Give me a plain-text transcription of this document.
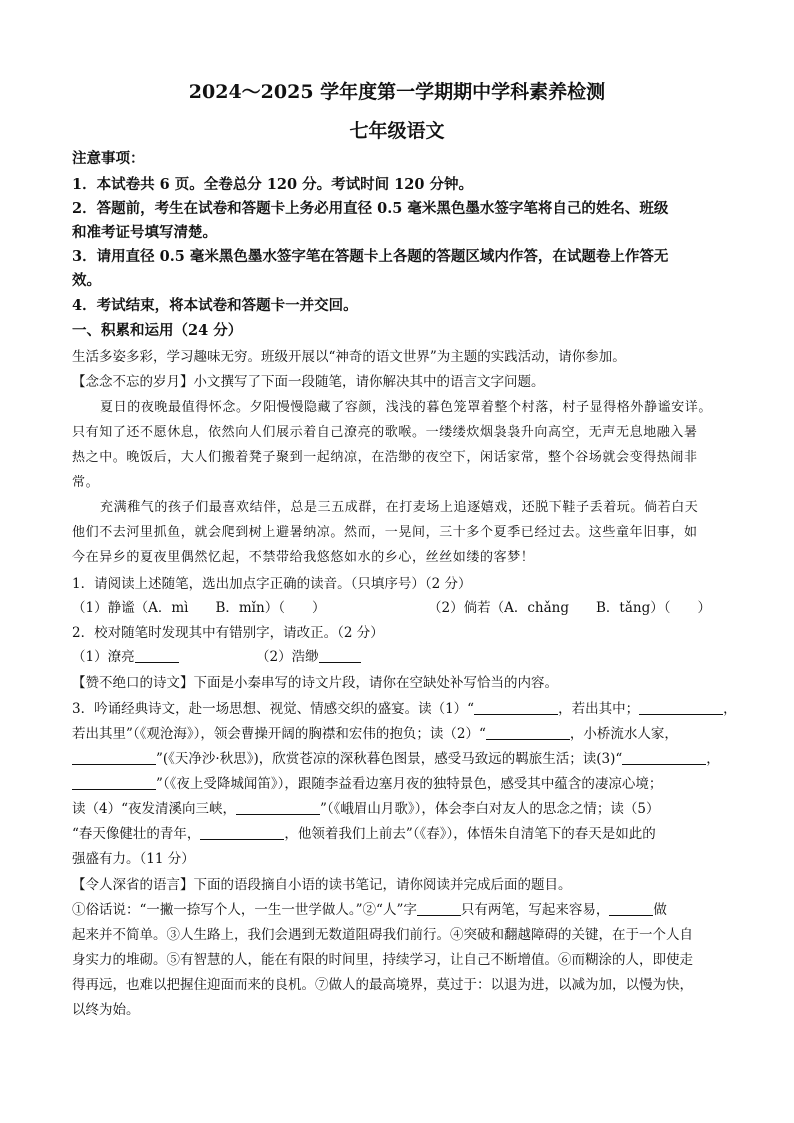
2024～2025 学年度第一学期期中学科素养检测
七年级语文

注意事项：

1．本试卷共 6 页。全卷总分 120 分。考试时间 120 分钟。

2．答题前，考生在试卷和答题卡上务必用直径 0.5 毫米黑色墨水签字笔将自己的姓名、班级

和准考证号填写清楚。

3．请用直径 0.5 毫米黑色墨水签字笔在答题卡上各题的答题区域内作答，在试题卷上作答无

效。

4．考试结束，将本试卷和答题卡一并交回。

一、积累和运用（24 分）

生活多姿多彩，学习趣味无穷。班级开展以“神奇的语文世界”为主题的实践活动，请你参加。

【念念不忘的岁月】小文撰写了下面一段随笔，请你解决其中的语言文字问题。

夏日的夜晚最值得怀念。夕阳慢慢隐藏了容颜，浅浅的暮色笼罩着整个村落，村子显得格外静谧安详。

只有知了还不愿休息，依然向人们展示着自己潦亮的歌喉。一缕缕炊烟袅袅升向高空，无声无息地融入暑

热之中。晚饭后，大人们搬着凳子聚到一起纳凉，在浩缈的夜空下，闲话家常，整个谷场就会变得热闹非

常。

充满稚气的孩子们最喜欢结伴，总是三五成群，在打麦场上追逐嬉戏，还脱下鞋子丢着玩。倘若白天

他们不去河里抓鱼，就会爬到树上避暑纳凉。然而，一晃间，三十多个夏季已经过去。这些童年旧事，如

今在异乡的夏夜里偶然忆起，不禁带给我悠悠如水的乡心，丝丝如缕的客梦！

1．请阅读上述随笔，选出加点字正确的读音。（只填序号）（2 分）

（1）静谧（A．mì　　B．mǐn）（　　）	（2）倘若（A．chǎng　　B．tǎng）（　　）

2．校对随笔时发现其中有错别字，请改正。（2 分）

（1）潦亮	（2）浩缈

【赞不绝口的诗文】下面是小秦串写的诗文片段，请你在空缺处补写恰当的内容。

3．吟诵经典诗文，赴一场思想、视觉、情感交织的盛宴。读（1）“	，若出其中；	，

若出其里”（《观沧海》），领会曹操开阔的胸襟和宏伟的抱负；读（2）“	，小桥流水人家，

”(《天净沙·秋思》)，欣赏苍凉的深秋暮色图景，感受马致远的羁旅生活；读(3)“	，

”（《夜上受降城闻笛》），跟随李益看边塞月夜的独特景色，感受其中蕴含的凄凉心境；

读（4）“夜发清溪向三峡，	”（《峨眉山月歌》），体会李白对友人的思念之情；读（5）

“春天像健壮的青年，	，他领着我们上前去”（《春》），体悟朱自清笔下的春天是如此的

强盛有力。（11 分）

【令人深省的语言】下面的语段摘自小语的读书笔记，请你阅读并完成后面的题目。

①俗话说：“一撇一捺写个人，一生一世学做人。”②“人”字	只有两笔，写起来容易，	做

起来并不简单。③人生路上，我们会遇到无数道阻碍我们前行。④突破和翻越障碍的关键，在于一个人自

身实力的堆砌。⑤有智慧的人，能在有限的时间里，持续学习，让自己不断增值。⑥而糊涂的人，即使走

得再远，也难以把握住迎面而来的良机。⑦做人的最高境界，莫过于：以退为进，以减为加，以慢为快，

以终为始。
